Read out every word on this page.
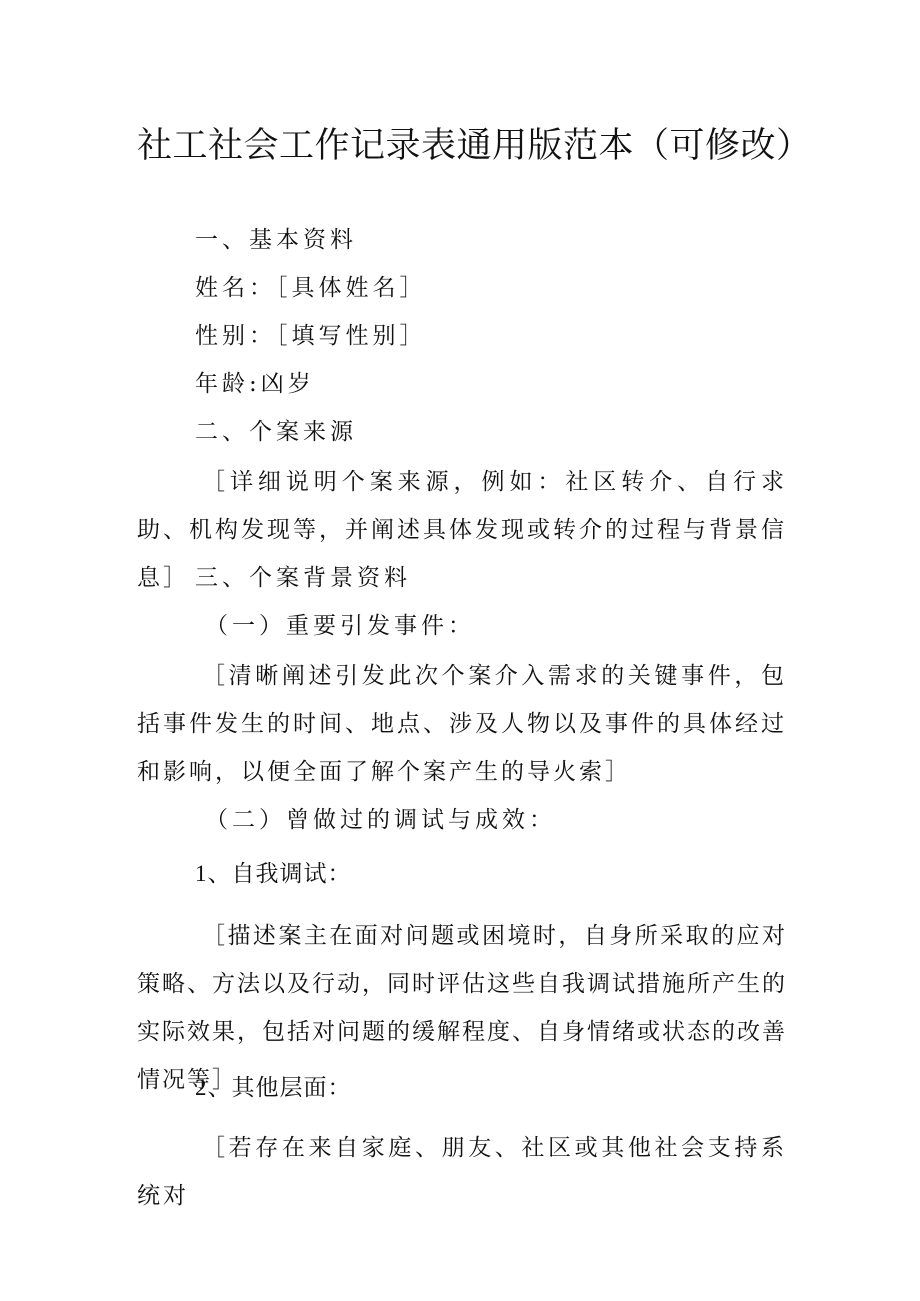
社工社会工作记录表通用版范本（可修改）
一、基本资料
姓名：［具体姓名］
性别：［填写性别］
年龄:凶岁
二、个案来源

［详细说明个案来源，例如：社区转介、自行求助、机构发现等，并阐述具体发现或转介的过程与背景信息］ 三、个案背景资料
（一）重要引发事件：

［清晰阐述引发此次个案介入需求的关键事件，包括事件发生的时间、地点、涉及人物以及事件的具体经过和影响，以便全面了解个案产生的导火索］

（二）曾做过的调试与成效：
1、自我调试：

［描述案主在面对问题或困境时，自身所采取的应对策略、方法以及行动，同时评估这些自我调试措施所产生的实际效果，包括对问题的缓解程度、自身情绪或状态的改善情况等］

2、其他层面：

［若存在来自家庭、朋友、社区或其他社会支持系统对
